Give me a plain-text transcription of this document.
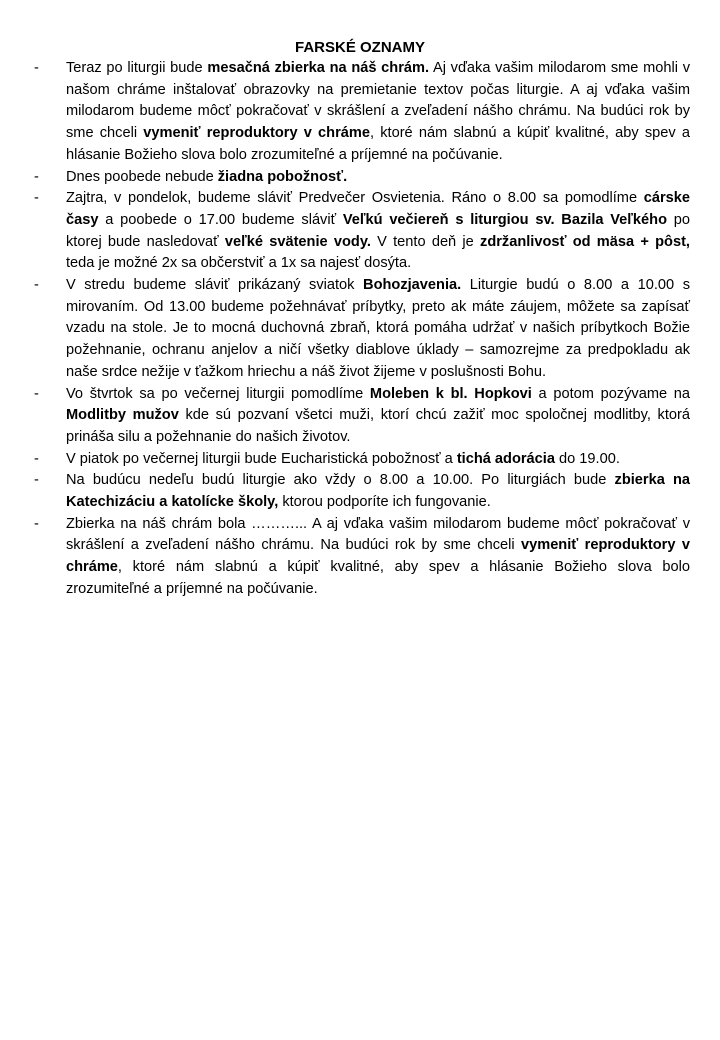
FARSKÉ OZNAMY
- Teraz po liturgii bude mesačná zbierka na náš chrám. Aj vďaka vašim milodarom sme mohli v našom chráme inštalovať obrazovky na premietanie textov počas liturgie. A aj vďaka vašim milodarom budeme môcť pokračovať v skrášlení a zveľadení nášho chrámu. Na budúci rok by sme chceli vymeniť reproduktory v chráme, ktoré nám slabnú a kúpiť kvalitné, aby spev a hlásanie Božieho slova bolo zrozumiteľné a príjemné na počúvanie.
- Dnes poobede nebude žiadna pobožnosť.
- Zajtra, v pondelok, budeme sláviť Predvečer Osvietenia. Ráno o 8.00 sa pomodlíme cárske časy a poobede o 17.00 budeme sláviť Veľkú večiereň s liturgiou sv. Bazila Veľkého po ktorej bude nasledovať veľké svätenie vody. V tento deň je zdržanlivosť od mäsa + pôst, teda je možné 2x sa občerstviť a 1x sa najesť dosýta.
- V stredu budeme sláviť prikázaný sviatok Bohozjavenia. Liturgie budú o 8.00 a 10.00 s mirovaním. Od 13.00 budeme požehnávať príbytky, preto ak máte záujem, môžete sa zapísať vzadu na stole. Je to mocná duchovná zbraň, ktorá pomáha udržať v našich príbytkoch Božie požehnanie, ochranu anjelov a ničí všetky diablove úklady – samozrejme za predpokladu ak naše srdce nežije v ťažkom hriechu a náš život žijeme v poslušnosti Bohu.
- Vo štvrtok sa po večernej liturgii pomodlíme Moleben k bl. Hopkovi a potom pozývame na Modlitby mužov kde sú pozvaní všetci muži, ktorí chcú zažiť moc spoločnej modlitby, ktorá prináša silu a požehnanie do našich životov.
- V piatok po večernej liturgii bude Eucharistická pobožnosť a tichá adorácia do 19.00.
- Na budúcu nedeľu budú liturgie ako vždy o 8.00 a 10.00. Po liturgiách bude zbierka na Katechizáciu a katolícke školy, ktorou podporíte ich fungovanie.
- Zbierka na náš chrám bola ………... A aj vďaka vašim milodarom budeme môcť pokračovať v skrášlení a zveľadení nášho chrámu. Na budúci rok by sme chceli vymeniť reproduktory v chráme, ktoré nám slabnú a kúpiť kvalitné, aby spev a hlásanie Božieho slova bolo zrozumiteľné a príjemné na počúvanie.
